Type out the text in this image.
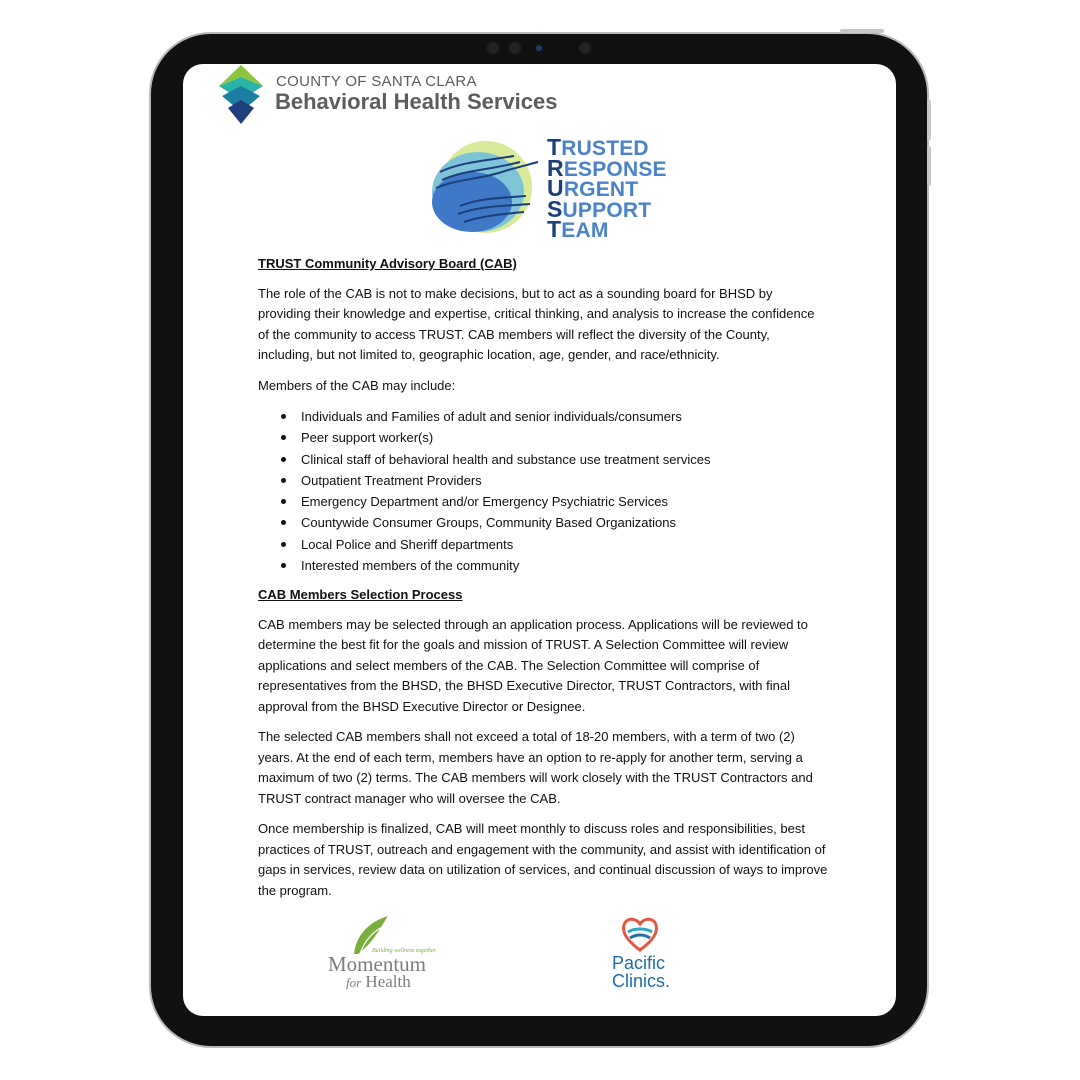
COUNTY OF SANTA CLARA
Behavioral Health Services
TRUSTED
RESPONSE
URGENT
SUPPORT
TEAM

TRUST Community Advisory Board (CAB)

The role of the CAB is not to make decisions, but to act as a sounding board for BHSD by providing their knowledge and expertise, critical thinking, and analysis to increase the confidence of the community to access TRUST. CAB members will reflect the diversity of the County, including, but not limited to, geographic location, age, gender, and race/ethnicity.

Members of the CAB may include:

Individuals and Families of adult and senior individuals/consumers
Peer support worker(s)
Clinical staff of behavioral health and substance use treatment services
Outpatient Treatment Providers
Emergency Department and/or Emergency Psychiatric Services
Countywide Consumer Groups, Community Based Organizations
Local Police and Sheriff departments
Interested members of the community

CAB Members Selection Process

CAB members may be selected through an application process. Applications will be reviewed to determine the best fit for the goals and mission of TRUST. A Selection Committee will review applications and select members of the CAB. The Selection Committee will comprise of representatives from the BHSD, the BHSD Executive Director, TRUST Contractors, with final approval from the BHSD Executive Director or Designee.

The selected CAB members shall not exceed a total of 18-20 members, with a term of two (2) years. At the end of each term, members have an option to re-apply for another term, serving a maximum of two (2) terms. The CAB members will work closely with the TRUST Contractors and TRUST contract manager who will oversee the CAB.

Once membership is finalized, CAB will meet monthly to discuss roles and responsibilities, best practices of TRUST, outreach and engagement with the community, and assist with identification of gaps in services, review data on utilization of services, and continual discussion of ways to improve the program.

Building wellness together
Momentum
for Health
Pacific
Clinics.
